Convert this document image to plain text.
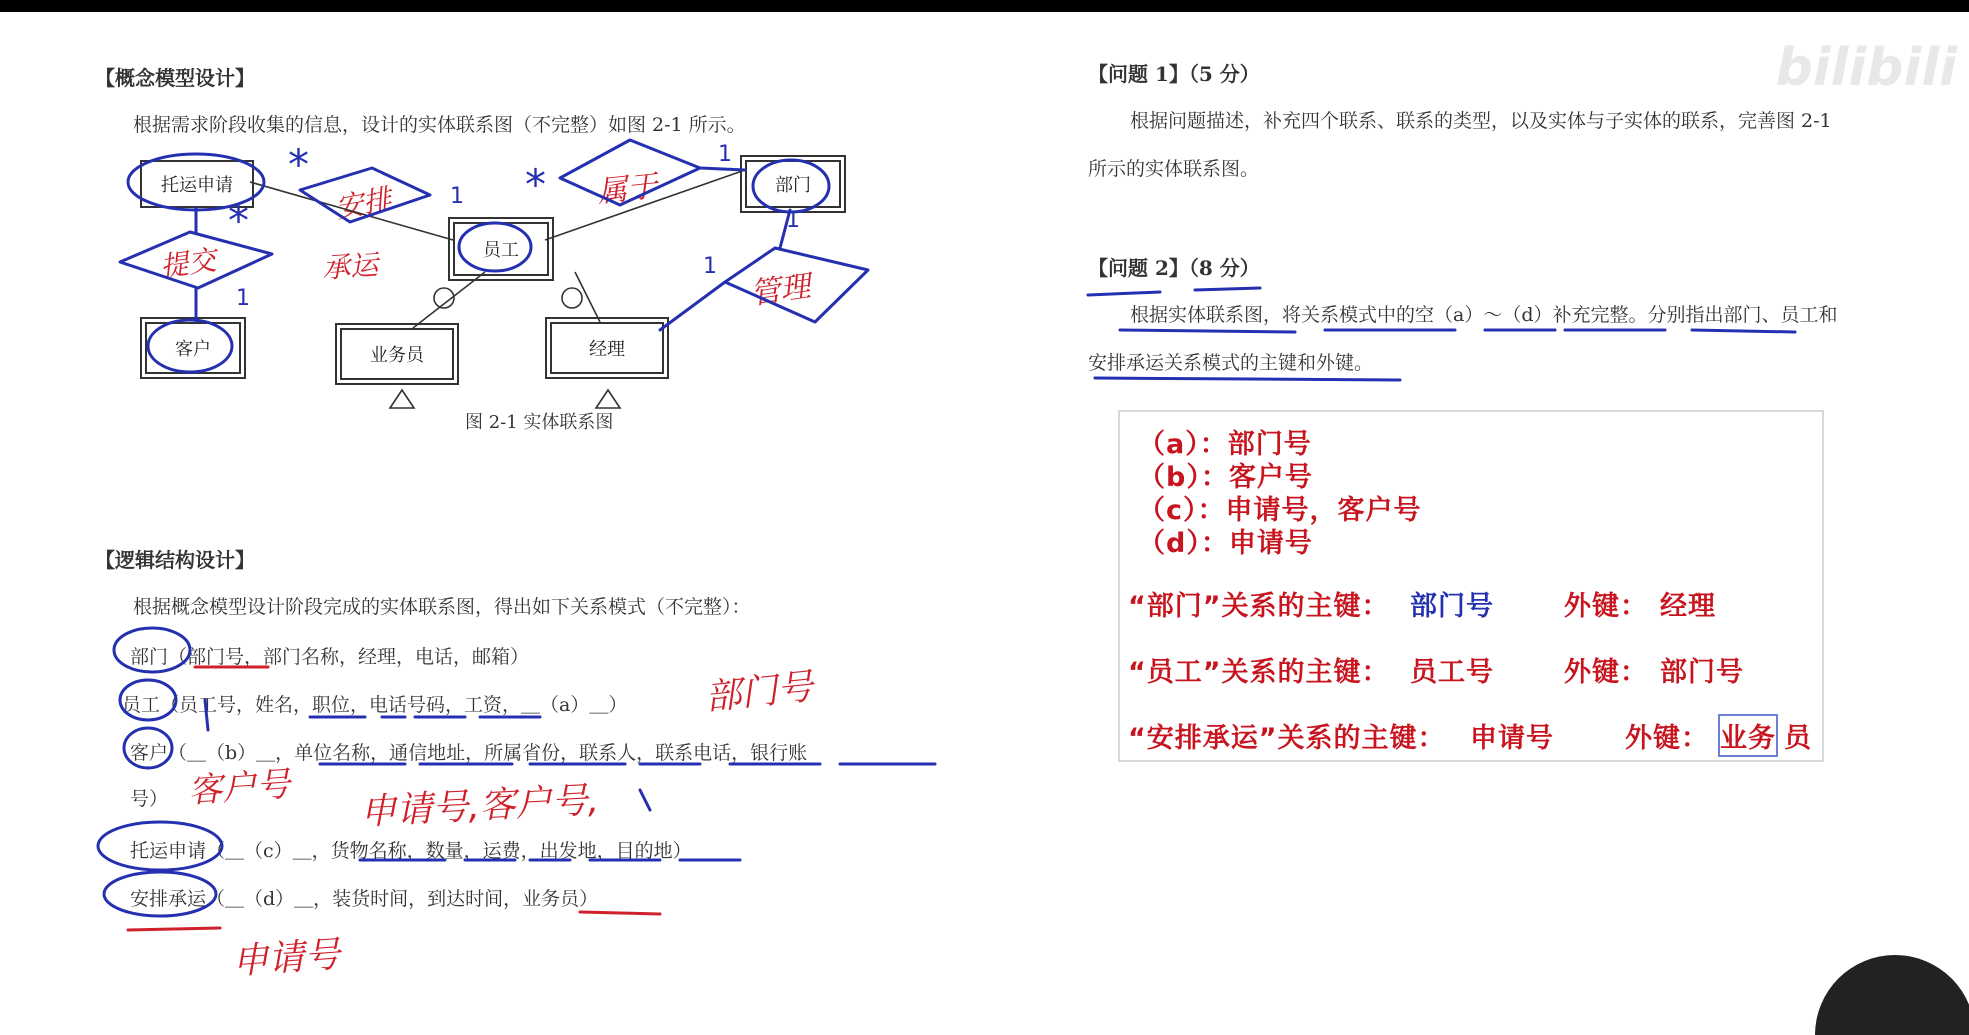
bilibili
【概念模型设计】
根据需求阶段收集的信息，设计的实体联系图（不完整）如图 2-1 所示。
托运申请	部门
员工
客户	业务员	经理
图 2-1 实体联系图
安排
提交	承运
属于
管理
*
*
*
1
1
1
1
1
【逻辑结构设计】
根据概念模型设计阶段完成的实体联系图，得出如下关系模式（不完整）：
部门（部门号，部门名称，经理，电话，邮箱）
员工（员工号，姓名，职位，电话号码，工资，＿（a）＿）
客户（＿（b）＿，单位名称，通信地址，所属省份，联系人，联系电话，银行账
号）
托运申请（＿（c）＿，货物名称，数量，运费，出发地，目的地）
安排承运（＿（d）＿，装货时间，到达时间，业务员）
部门号
客户号 申请号,客户号,
申请号
【问题 1】（5 分）
根据问题描述，补充四个联系、联系的类型，以及实体与子实体的联系，完善图 2-1
所示的实体联系图。
【问题 2】（8 分）
根据实体联系图，将关系模式中的空（a）～（d）补充完整。分别指出部门、员工和
安排承运关系模式的主键和外键。
（a）：部门号
（b）：客户号
（c）：申请号，客户号
（d）：申请号
“部门”关系的主键： 部门号	外键： 经理
“员工”关系的主键： 员工号	外键： 部门号
“安排承运”关系的主键： 申请号	外键： 业务 员
